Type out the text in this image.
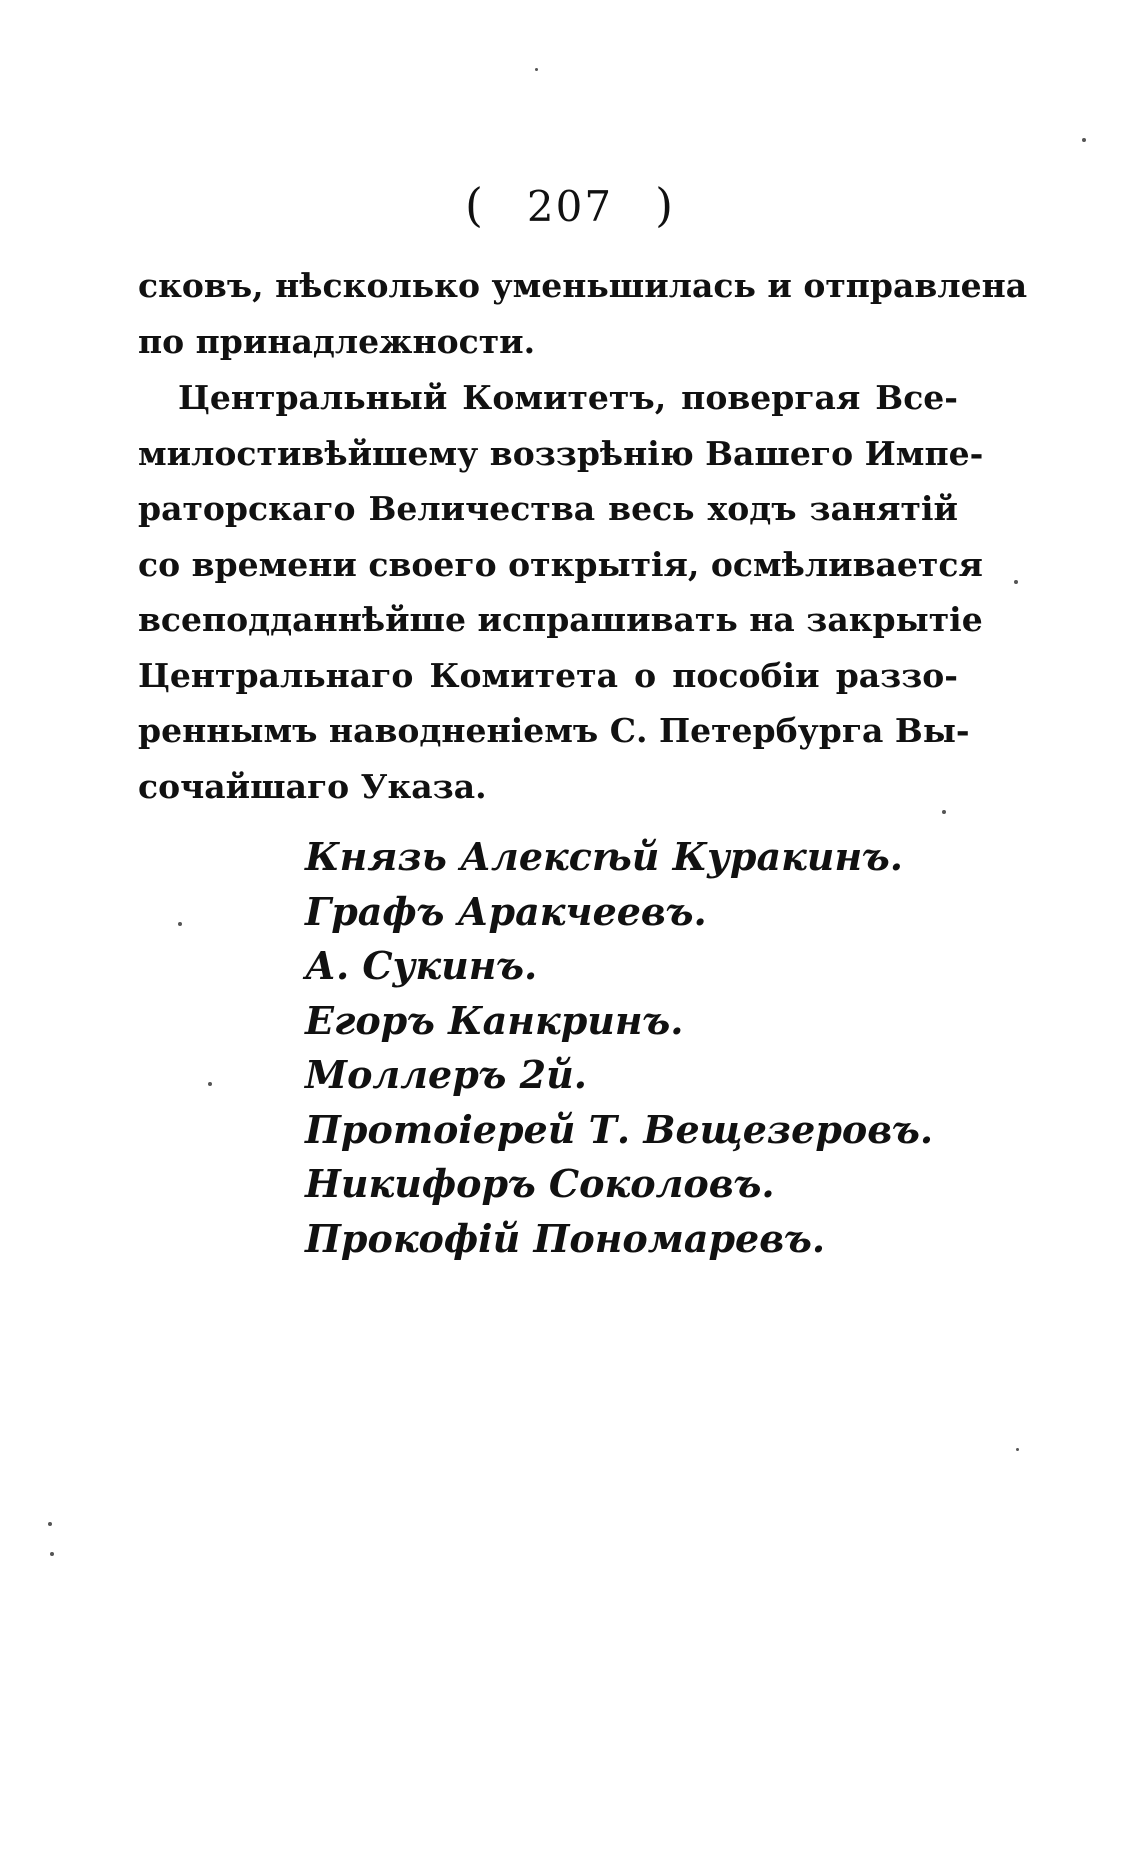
( 207 )
сковъ, нѣсколько уменьшилась и отправлена
по принадлежности.
Центральный Комитетъ, повергая Все-
милостивѣйшему воззрѣнію Вашего Импе-
раторскаго Величества весь ходъ занятій
со времени своего открытія, осмѣливается
всеподданнѣйше испрашивать на закрытіе
Центральнаго Комитета о пособіи раззо-
реннымъ наводненіемъ С. Петербурга Вы-
сочайшаго Указа.
Князь Алексѣй Куракинъ.
Графъ Аракчеевъ.
А. Сукинъ.
Егоръ Канкринъ.
Моллеръ 2й.
Протоіерей Т. Вещезеровъ.
Никифоръ Соколовъ.
Прокофій Пономаревъ.
